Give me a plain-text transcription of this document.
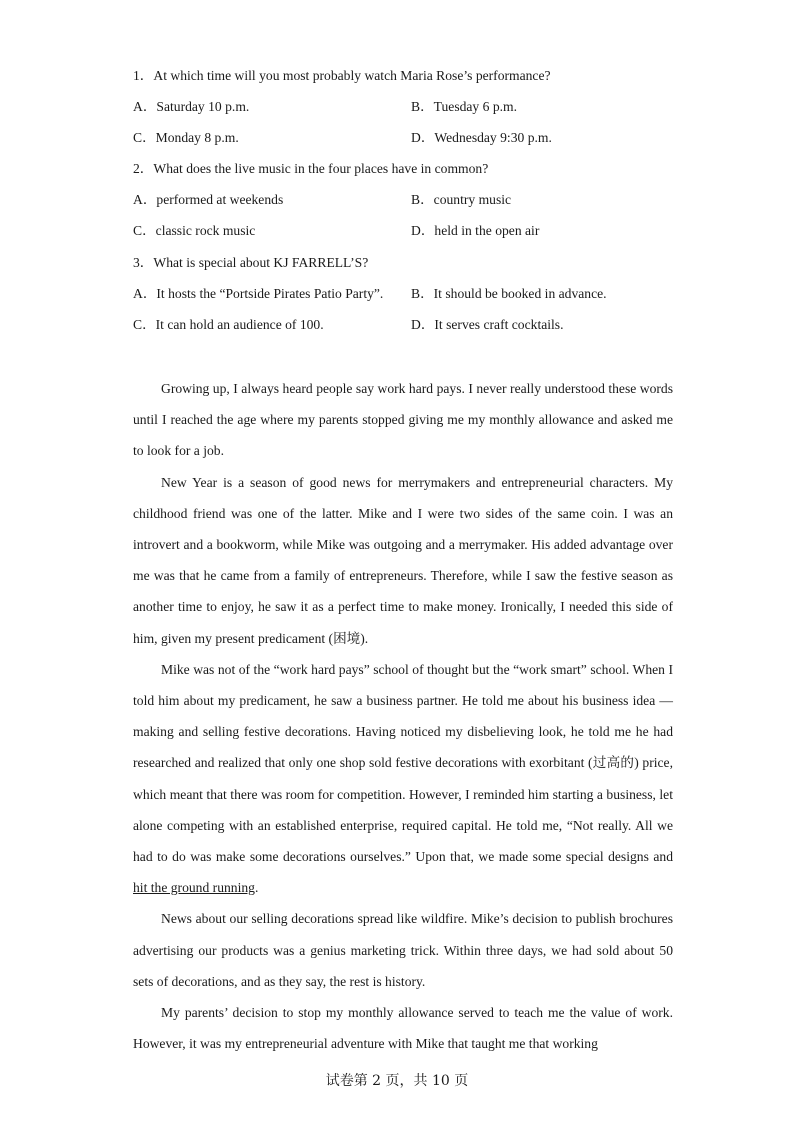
1．At which time will you most probably watch Maria Rose’s performance?
A．Saturday 10 p.m.	B．Tuesday 6 p.m.
C．Monday 8 p.m.	D．Wednesday 9:30 p.m.
2．What does the live music in the four places have in common?
A．performed at weekends	B．country music
C．classic rock music	D．held in the open air
3．What is special about KJ FARRELL’S?
A．It hosts the “Portside Pirates Patio Party”. B．It should be booked in advance.
C．It can hold an audience of 100.	D．It serves craft cocktails.

Growing up, I always heard people say work hard pays. I never really understood these words until I reached the age where my parents stopped giving me my monthly allowance and asked me to look for a job.

New Year is a season of good news for merrymakers and entrepreneurial characters. My childhood friend was one of the latter. Mike and I were two sides of the same coin. I was an introvert and a bookworm, while Mike was outgoing and a merrymaker. His added advantage over me was that he came from a family of entrepreneurs. Therefore, while I saw the festive season as another time to enjoy, he saw it as a perfect time to make money. Ironically, I needed this side of him, given my present predicament (困境).

Mike was not of the “work hard pays” school of thought but the “work smart” school. When I told him about my predicament, he saw a business partner. He told me about his business idea — making and selling festive decorations. Having noticed my disbelieving look, he told me he had researched and realized that only one shop sold festive decorations with exorbitant (过高的) price, which meant that there was room for competition. However, I reminded him starting a business, let alone competing with an established enterprise, required capital. He told me, “Not really. All we had to do was make some decorations ourselves.” Upon that, we made some special designs and hit the ground running.

News about our selling decorations spread like wildfire. Mike’s decision to publish brochures advertising our products was a genius marketing trick. Within three days, we had sold about 50 sets of decorations, and as they say, the rest is history.

My parents’ decision to stop my monthly allowance served to teach me the value of work. However, it was my entrepreneurial adventure with Mike that taught me that working

试卷第 2 页，共 10 页
